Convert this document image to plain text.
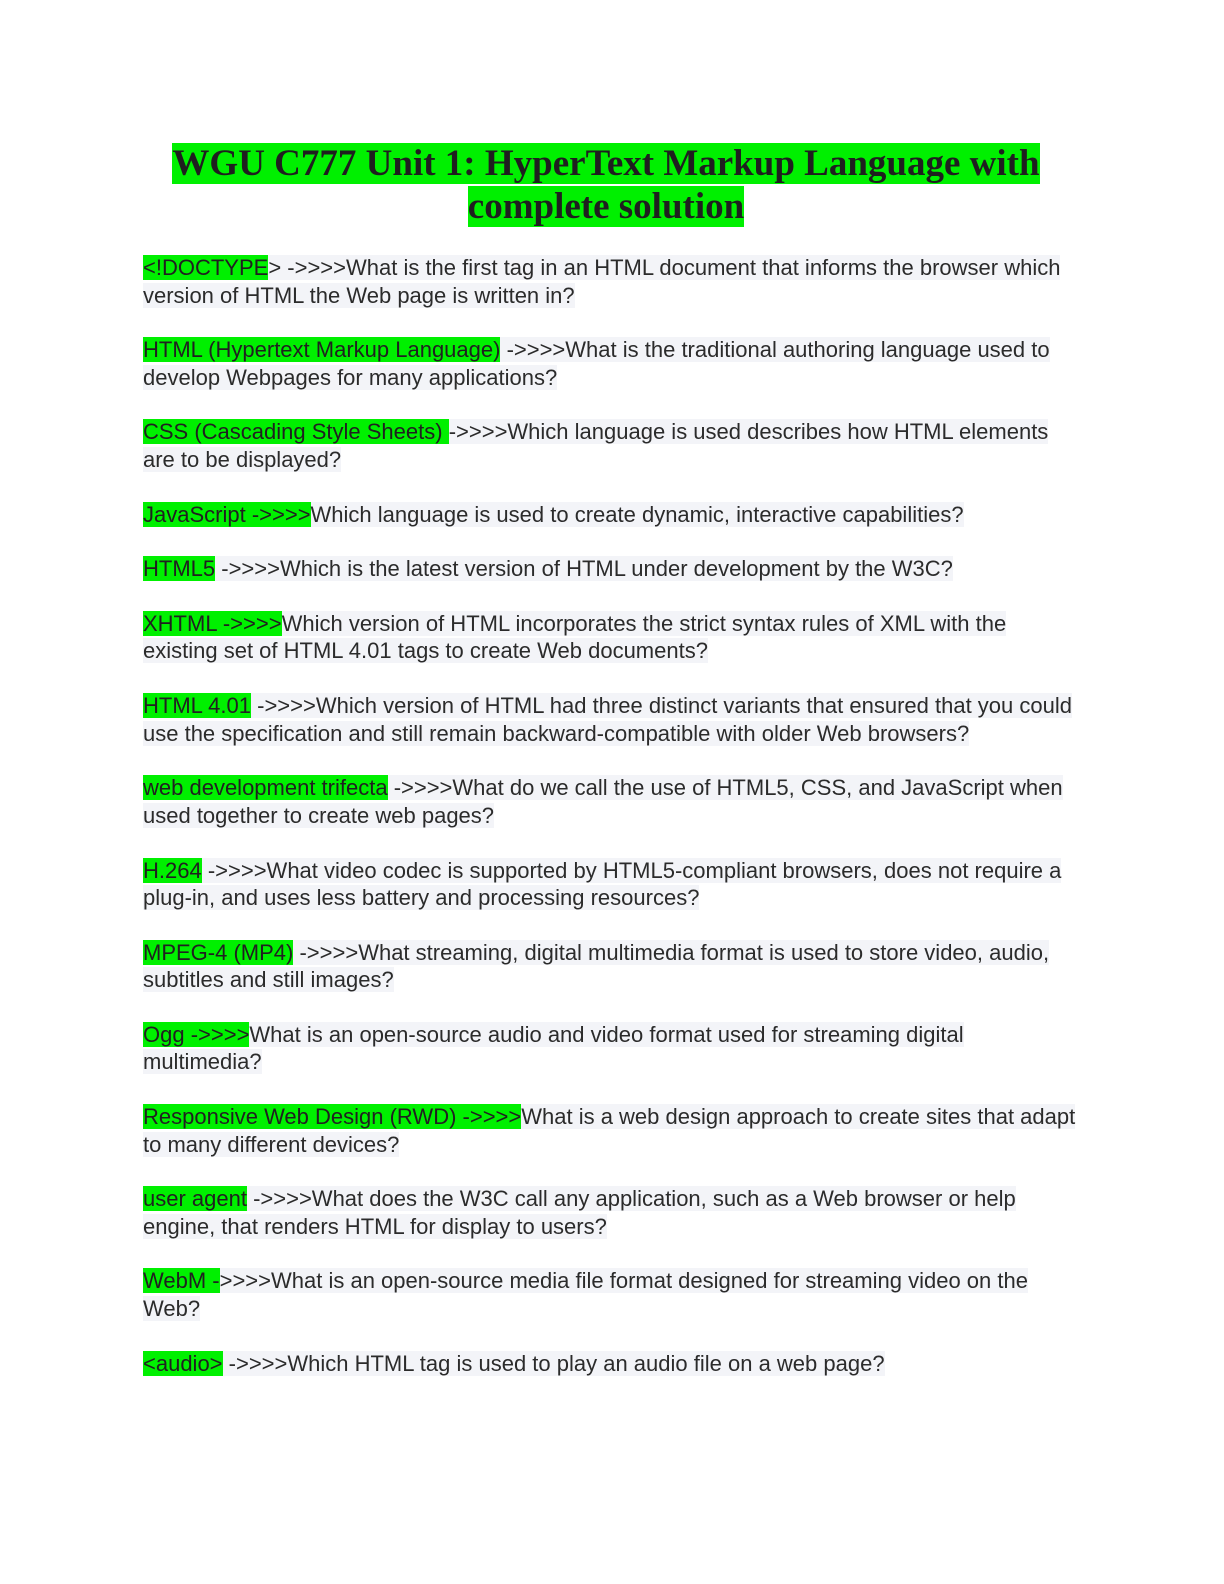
WGU C777 Unit 1: HyperText Markup Language with complete solution
<!DOCTYPE> ->>>>What is the first tag in an HTML document that informs the browser which version of HTML the Web page is written in?
HTML (Hypertext Markup Language) ->>>>What is the traditional authoring language used to develop Webpages for many applications?
CSS (Cascading Style Sheets) ->>>>Which language is used describes how HTML elements are to be displayed?
JavaScript ->>>>Which language is used to create dynamic, interactive capabilities?
HTML5 ->>>>Which is the latest version of HTML under development by the W3C?
XHTML ->>>>Which version of HTML incorporates the strict syntax rules of XML with the existing set of HTML 4.01 tags to create Web documents?
HTML 4.01 ->>>>Which version of HTML had three distinct variants that ensured that you could use the specification and still remain backward-compatible with older Web browsers?
web development trifecta ->>>>What do we call the use of HTML5, CSS, and JavaScript when used together to create web pages?
H.264 ->>>>What video codec is supported by HTML5-compliant browsers, does not require a plug-in, and uses less battery and processing resources?
MPEG-4 (MP4) ->>>>What streaming, digital multimedia format is used to store video, audio, subtitles and still images?
Ogg ->>>>What is an open-source audio and video format used for streaming digital multimedia?
Responsive Web Design (RWD) ->>>>What is a web design approach to create sites that adapt to many different devices?
user agent ->>>>What does the W3C call any application, such as a Web browser or help engine, that renders HTML for display to users?
WebM ->>>>What is an open-source media file format designed for streaming video on the Web?
<audio> ->>>>Which HTML tag is used to play an audio file on a web page?
